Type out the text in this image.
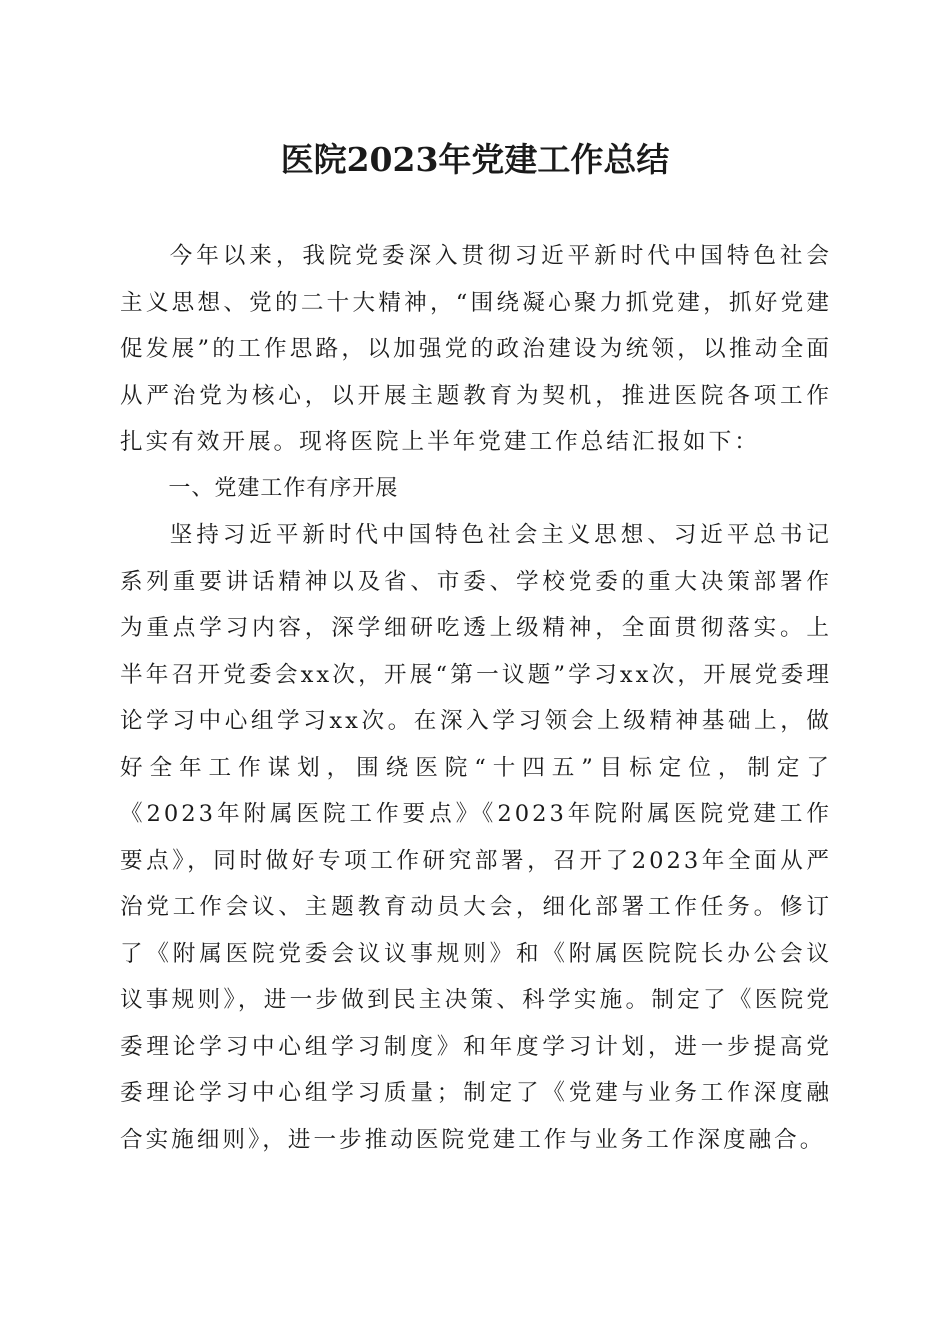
医院2023年党建工作总结

今年以来，我院党委深入贯彻习近平新时代中国特色社会主义思想、党的二十大精神，“围绕凝心聚力抓党建，抓好党建促发展”的工作思路，以加强党的政治建设为统领，以推动全面从严治党为核心，以开展主题教育为契机，推进医院各项工作扎实有效开展。现将医院上半年党建工作总结汇报如下：

一、党建工作有序开展

坚持习近平新时代中国特色社会主义思想、习近平总书记系列重要讲话精神以及省、市委、学校党委的重大决策部署作为重点学习内容，深学细研吃透上级精神，全面贯彻落实。上半年召开党委会xx次，开展“第一议题”学习xx次，开展党委理论学习中心组学习xx次。在深入学习领会上级精神基础上，做好全年工作谋划，围绕医院“十四五”目标定位，制定了《2023年附属医院工作要点》《2023年院附属医院党建工作要点》，同时做好专项工作研究部署，召开了2023年全面从严治党工作会议、主题教育动员大会，细化部署工作任务。修订了《附属医院党委会议议事规则》和《附属医院院长办公会议议事规则》，进一步做到民主决策、科学实施。制定了《医院党委理论学习中心组学习制度》和年度学习计划，进一步提高党委理论学习中心组学习质量；制定了《党建与业务工作深度融合实施细则》，进一步推动医院党建工作与业务工作深度融合。
